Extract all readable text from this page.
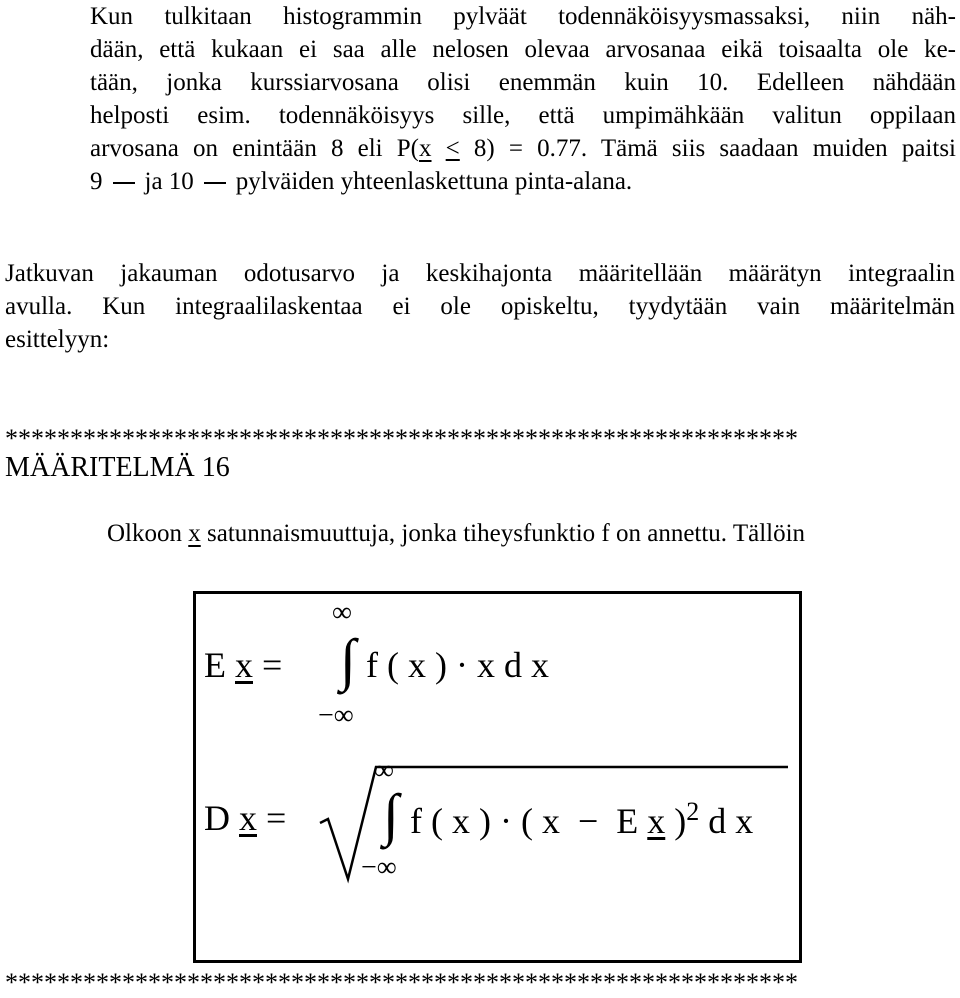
Kun tulkitaan histogrammin pylväät todennäköisyysmassaksi, niin näh-
dään, että kukaan ei saa alle nelosen olevaa arvosanaa eikä toisaalta ole ke-
tään, jonka kurssiarvosana olisi enemmän kuin 10. Edelleen nähdään
helposti esim. todennäköisyys sille, että umpimähkään valitun oppilaan
arvosana on enintään 8 eli P(x ≤ 8) = 0.77. Tämä siis saadaan muiden paitsi
9 ja 10 pylväiden yhteenlaskettuna pinta-alana.
Jatkuvan jakauman odotusarvo ja keskihajonta määritellään määrätyn integraalin
avulla. Kun integraalilaskentaa ei ole opiskeltu, tyydytään vain määritelmän
esittelyyn:
*************************************************************
MÄÄRITELMÄ 16
Olkoon x satunnaismuuttuja, jonka tiheysfunktio f on annettu. Tällöin
E x =
∞
∫ f ( x ) · x d x
−∞
D x =
∞
∫ f ( x ) · ( x − E x )$^2$ d x
−∞
*************************************************************
